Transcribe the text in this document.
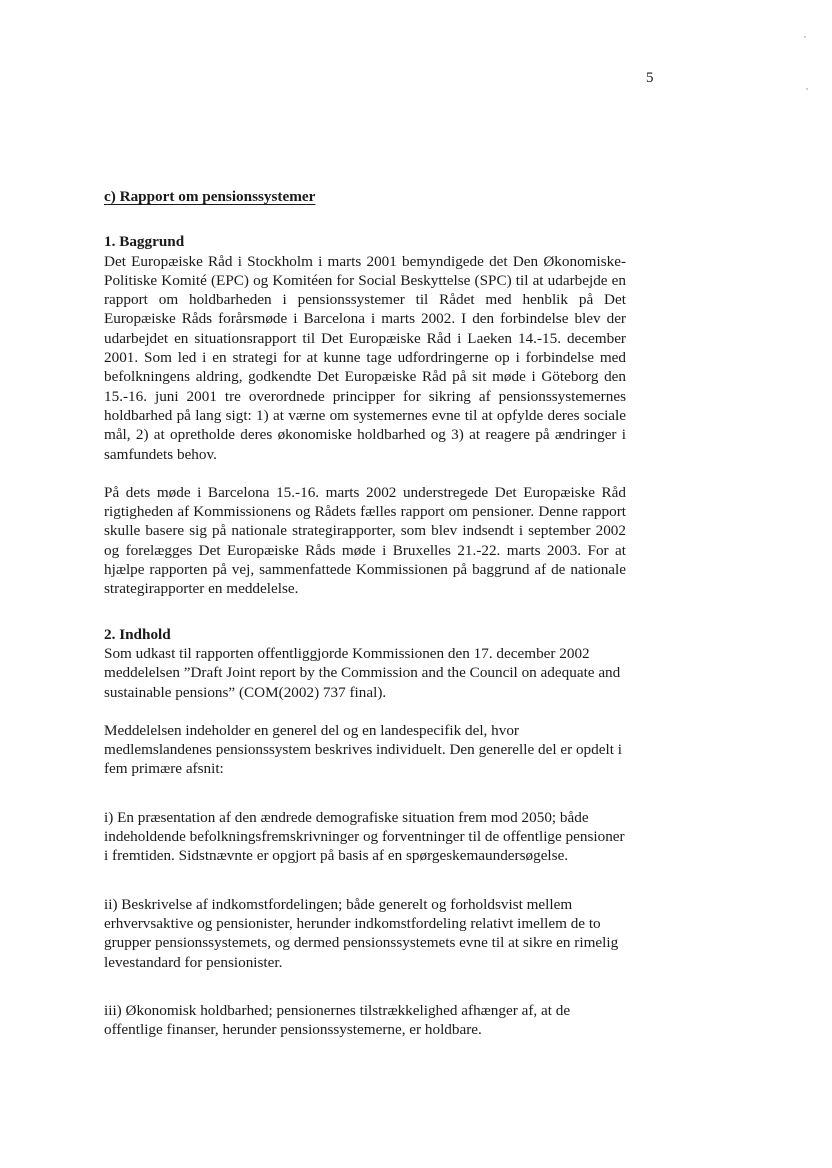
5
c) Rapport om pensionssystemer
1. Baggrund

Det Europæiske Råd i Stockholm i marts 2001 bemyndigede det Den Økonomiske-Politiske Komité (EPC) og Komitéen for Social Beskyttelse (SPC) til at udarbejde en rapport om holdbarheden i pensionssystemer til Rådet med henblik på Det Europæiske Råds forårsmøde i Barcelona i marts 2002. I den forbindelse blev der udarbejdet en situationsrapport til Det Europæiske Råd i Laeken 14.-15. december 2001. Som led i en strategi for at kunne tage udfordringerne op i forbindelse med befolkningens aldring, godkendte Det Europæiske Råd på sit møde i Göteborg den 15.-16. juni 2001 tre overordnede principper for sikring af pensionssystemernes holdbarhed på lang sigt: 1) at værne om systemernes evne til at opfylde deres sociale mål, 2) at opretholde deres økonomiske holdbarhed og 3) at reagere på ændringer i samfundets behov.

På dets møde i Barcelona 15.-16. marts 2002 understregede Det Europæiske Råd rigtigheden af Kommissionens og Rådets fælles rapport om pensioner. Denne rapport skulle basere sig på nationale strategirapporter, som blev indsendt i september 2002 og forelægges Det Europæiske Råds møde i Bruxelles 21.-22. marts 2003. For at hjælpe rapporten på vej, sammenfattede Kommissionen på baggrund af de nationale strategirapporter en meddelelse.

2. Indhold

Som udkast til rapporten offentliggjorde Kommissionen den 17. december 2002 meddelelsen ”Draft Joint report by the Commission and the Council on adequate and sustainable pensions” (COM(2002) 737 final).

Meddelelsen indeholder en generel del og en landespecifik del, hvor medlemslandenes pensionssystem beskrives individuelt. Den generelle del er opdelt i fem primære afsnit:

i) En præsentation af den ændrede demografiske situation frem mod 2050; både indeholdende befolkningsfremskrivninger og forventninger til de offentlige pensioner i fremtiden. Sidstnævnte er opgjort på basis af en spørgeskemaundersøgelse.

ii) Beskrivelse af indkomstfordelingen; både generelt og forholdsvist mellem erhvervsaktive og pensionister, herunder indkomstfordeling relativt imellem de to grupper pensionssystemets, og dermed pensionssystemets evne til at sikre en rimelig levestandard for pensionister.

iii) Økonomisk holdbarhed; pensionernes tilstrækkelighed afhænger af, at de offentlige finanser, herunder pensionssystemerne, er holdbare.
